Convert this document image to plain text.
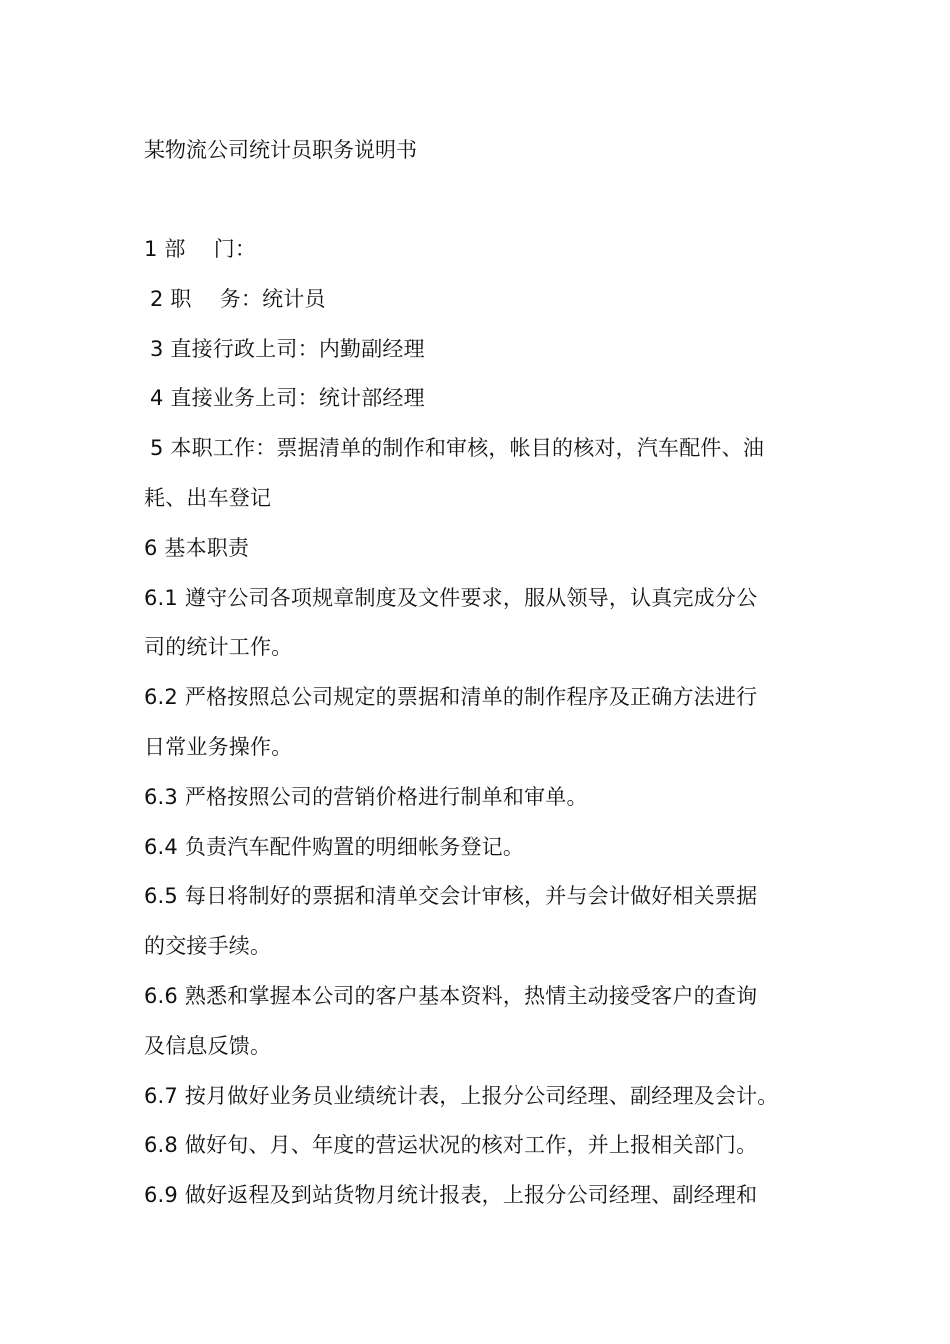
某物流公司统计员职务说明书
1 部　 门：
2 职　 务：统计员
3 直接行政上司：内勤副经理
4 直接业务上司：统计部经理
5 本职工作：票据清单的制作和审核，帐目的核对，汽车配件、油
耗、出车登记
6 基本职责
6.1 遵守公司各项规章制度及文件要求，服从领导，认真完成分公
司的统计工作。
6.2 严格按照总公司规定的票据和清单的制作程序及正确方法进行
日常业务操作。
6.3 严格按照公司的营销价格进行制单和审单。
6.4 负责汽车配件购置的明细帐务登记。
6.5 每日将制好的票据和清单交会计审核，并与会计做好相关票据
的交接手续。
6.6 熟悉和掌握本公司的客户基本资料，热情主动接受客户的查询
及信息反馈。
6.7 按月做好业务员业绩统计表，上报分公司经理、副经理及会计。
6.8 做好旬、月、年度的营运状况的核对工作，并上报相关部门。
6.9 做好返程及到站货物月统计报表，上报分公司经理、副经理和
